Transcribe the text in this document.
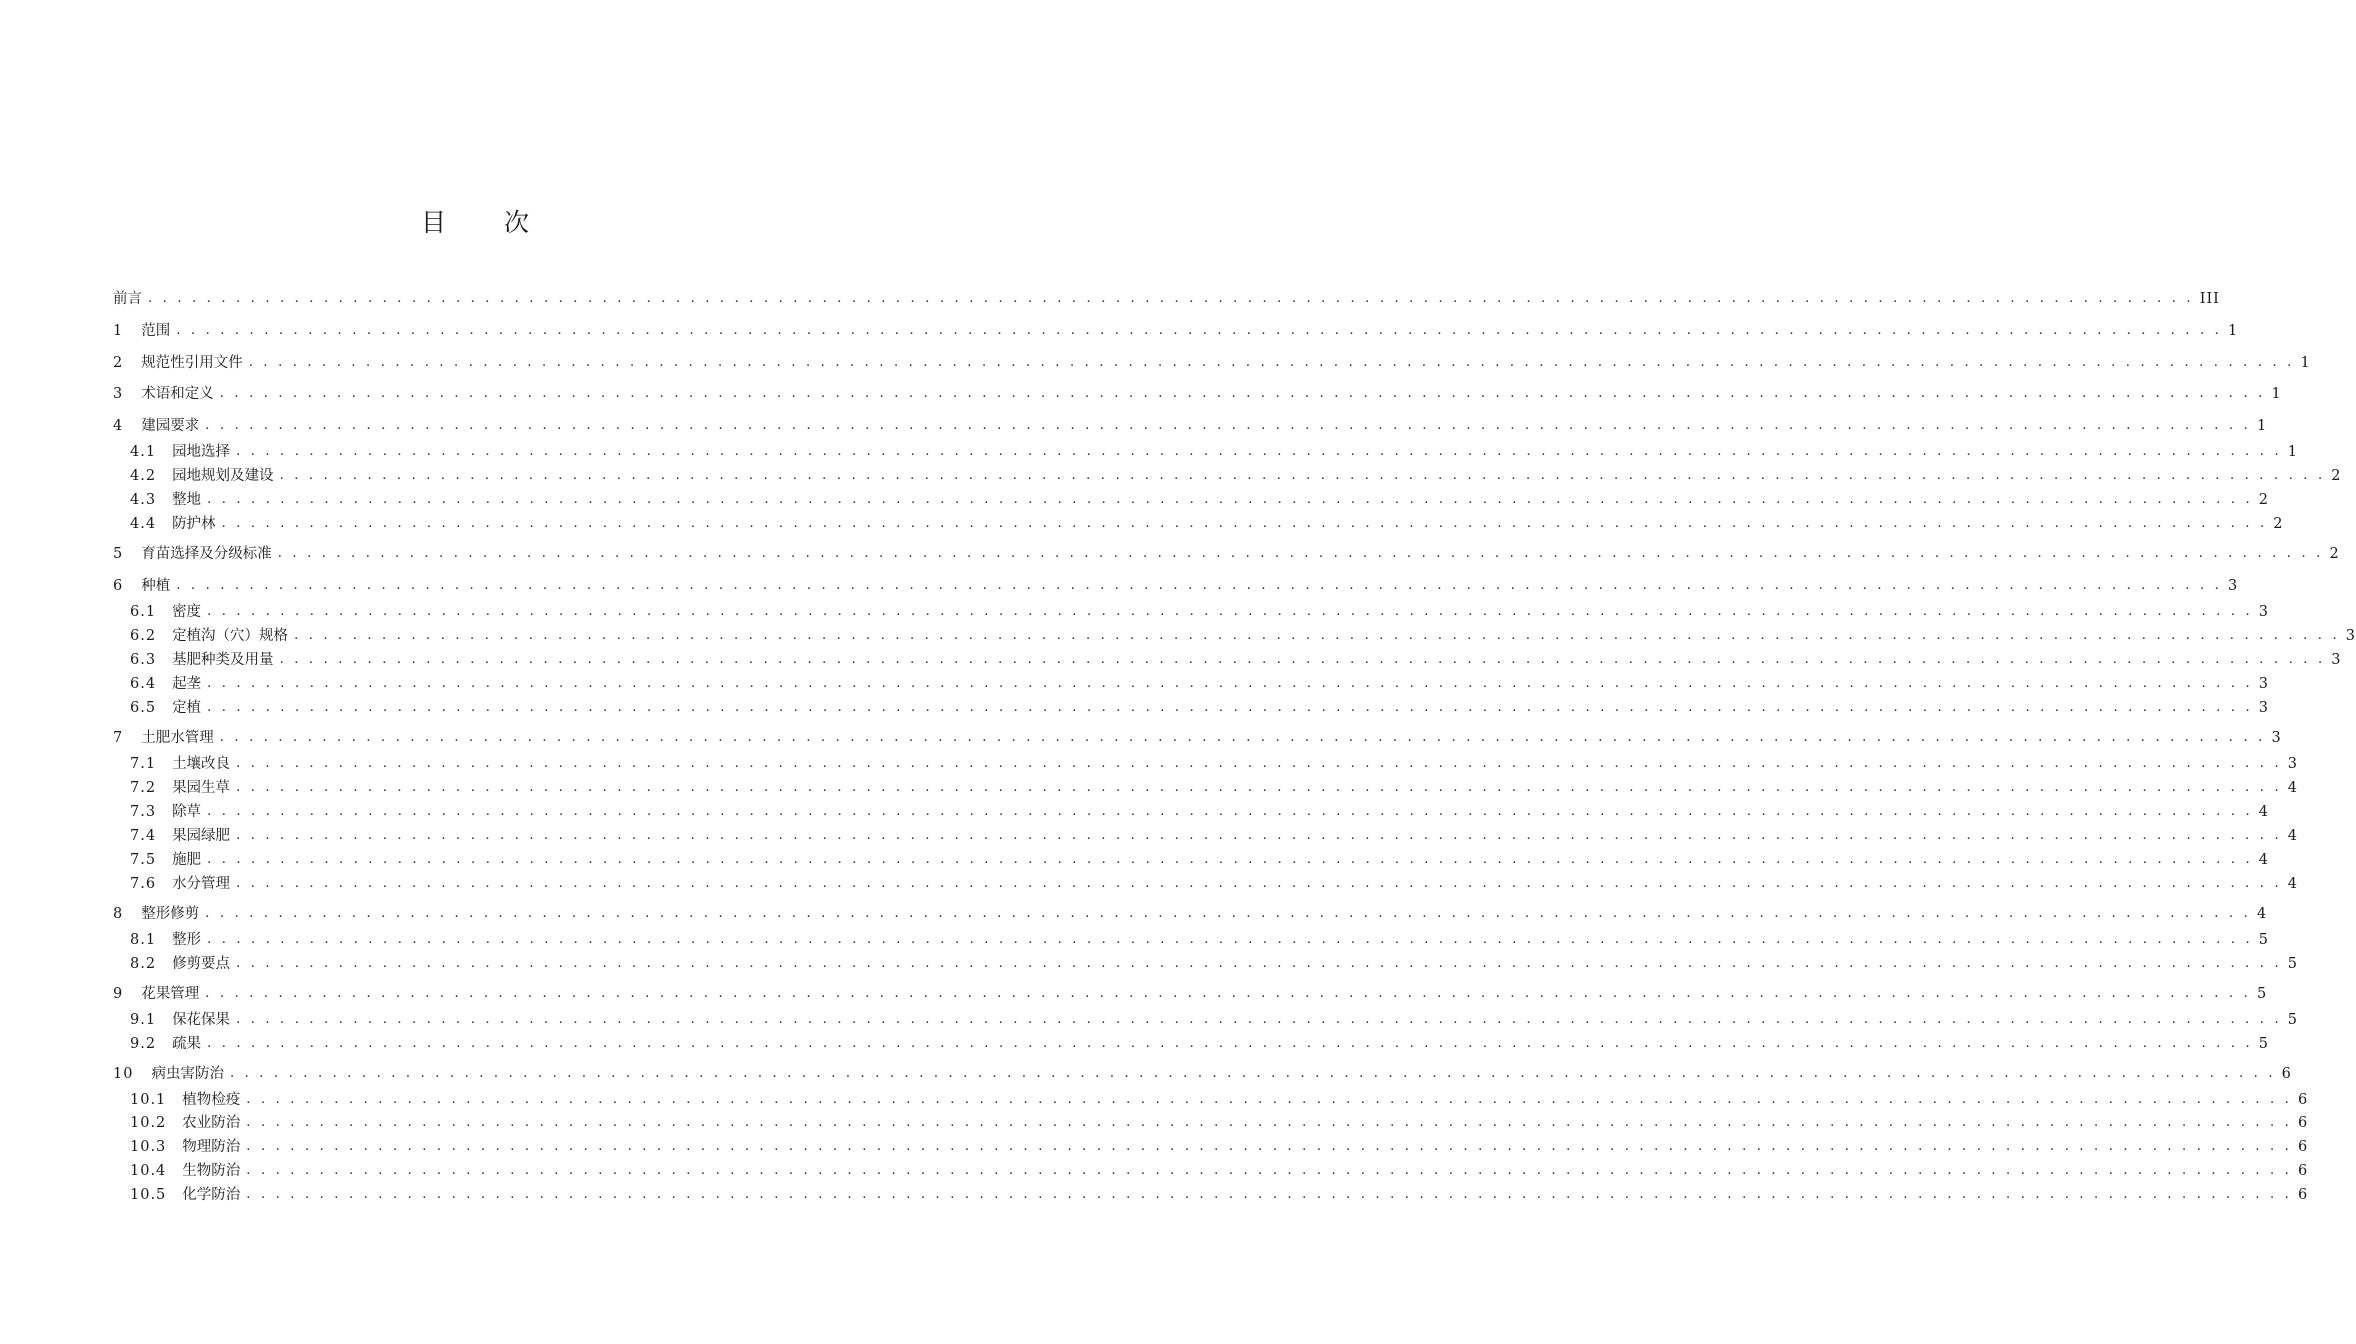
目 次
前言 . . . . . . . . . . . . . . . . . . . . . . . . . . . . . . . . . . . . . . . . . . . . . . . . . . . . . . . . . . . . . . . . . . . . . . . . . . . . . . . . . . . . . . . . . . . . . . . . . . . . . . . . . . . . . . . . . . . . . . . . . . . . . . . . . . . . . . . . . . . . III
1 范围 . . . . . . . . . . . . . . . . . . . . . . . . . . . . . . . . . . . . . . . . . . . . . . . . . . . . . . . . . . . . . . . . . . . . . . . . . . . . . . . . . . . . . . . . . . . . . . . . . . . . . . . . . . . . . . . . . . . . . . . . . . . . . . . . . . . . . . . . . . . . 1
2 规范性引用文件 . . . . . . . . . . . . . . . . . . . . . . . . . . . . . . . . . . . . . . . . . . . . . . . . . . . . . . . . . . . . . . . . . . . . . . . . . . . . . . . . . . . . . . . . . . . . . . . . . . . . . . . . . . . . . . . . . . . . . . . . . . . . . . . . . . . . . . . . . . . . 1
3 术语和定义 . . . . . . . . . . . . . . . . . . . . . . . . . . . . . . . . . . . . . . . . . . . . . . . . . . . . . . . . . . . . . . . . . . . . . . . . . . . . . . . . . . . . . . . . . . . . . . . . . . . . . . . . . . . . . . . . . . . . . . . . . . . . . . . . . . . . . . . . . . . . 1
4 建园要求 . . . . . . . . . . . . . . . . . . . . . . . . . . . . . . . . . . . . . . . . . . . . . . . . . . . . . . . . . . . . . . . . . . . . . . . . . . . . . . . . . . . . . . . . . . . . . . . . . . . . . . . . . . . . . . . . . . . . . . . . . . . . . . . . . . . . . . . . . . . . 1
4.1 园地选择 . . . . . . . . . . . . . . . . . . . . . . . . . . . . . . . . . . . . . . . . . . . . . . . . . . . . . . . . . . . . . . . . . . . . . . . . . . . . . . . . . . . . . . . . . . . . . . . . . . . . . . . . . . . . . . . . . . . . . . . . . . . . . . . . . . . . . . . . . . . . 1
4.2 园地规划及建设 . . . . . . . . . . . . . . . . . . . . . . . . . . . . . . . . . . . . . . . . . . . . . . . . . . . . . . . . . . . . . . . . . . . . . . . . . . . . . . . . . . . . . . . . . . . . . . . . . . . . . . . . . . . . . . . . . . . . . . . . . . . . . . . . . . . . . . . . . . . . 2
4.3 整地 . . . . . . . . . . . . . . . . . . . . . . . . . . . . . . . . . . . . . . . . . . . . . . . . . . . . . . . . . . . . . . . . . . . . . . . . . . . . . . . . . . . . . . . . . . . . . . . . . . . . . . . . . . . . . . . . . . . . . . . . . . . . . . . . . . . . . . . . . . . . 2
4.4 防护林 . . . . . . . . . . . . . . . . . . . . . . . . . . . . . . . . . . . . . . . . . . . . . . . . . . . . . . . . . . . . . . . . . . . . . . . . . . . . . . . . . . . . . . . . . . . . . . . . . . . . . . . . . . . . . . . . . . . . . . . . . . . . . . . . . . . . . . . . . . . . 2
5 育苗选择及分级标准 . . . . . . . . . . . . . . . . . . . . . . . . . . . . . . . . . . . . . . . . . . . . . . . . . . . . . . . . . . . . . . . . . . . . . . . . . . . . . . . . . . . . . . . . . . . . . . . . . . . . . . . . . . . . . . . . . . . . . . . . . . . . . . . . . . . . . . . . . . . . 2
6 种植 . . . . . . . . . . . . . . . . . . . . . . . . . . . . . . . . . . . . . . . . . . . . . . . . . . . . . . . . . . . . . . . . . . . . . . . . . . . . . . . . . . . . . . . . . . . . . . . . . . . . . . . . . . . . . . . . . . . . . . . . . . . . . . . . . . . . . . . . . . . . 3
6.1 密度 . . . . . . . . . . . . . . . . . . . . . . . . . . . . . . . . . . . . . . . . . . . . . . . . . . . . . . . . . . . . . . . . . . . . . . . . . . . . . . . . . . . . . . . . . . . . . . . . . . . . . . . . . . . . . . . . . . . . . . . . . . . . . . . . . . . . . . . . . . . . 3
6.2 定植沟（穴）规格 . . . . . . . . . . . . . . . . . . . . . . . . . . . . . . . . . . . . . . . . . . . . . . . . . . . . . . . . . . . . . . . . . . . . . . . . . . . . . . . . . . . . . . . . . . . . . . . . . . . . . . . . . . . . . . . . . . . . . . . . . . . . . . . . . . . . . . . . . . . . 3
6.3 基肥种类及用量 . . . . . . . . . . . . . . . . . . . . . . . . . . . . . . . . . . . . . . . . . . . . . . . . . . . . . . . . . . . . . . . . . . . . . . . . . . . . . . . . . . . . . . . . . . . . . . . . . . . . . . . . . . . . . . . . . . . . . . . . . . . . . . . . . . . . . . . . . . . . 3
6.4 起垄 . . . . . . . . . . . . . . . . . . . . . . . . . . . . . . . . . . . . . . . . . . . . . . . . . . . . . . . . . . . . . . . . . . . . . . . . . . . . . . . . . . . . . . . . . . . . . . . . . . . . . . . . . . . . . . . . . . . . . . . . . . . . . . . . . . . . . . . . . . . . 3
6.5 定植 . . . . . . . . . . . . . . . . . . . . . . . . . . . . . . . . . . . . . . . . . . . . . . . . . . . . . . . . . . . . . . . . . . . . . . . . . . . . . . . . . . . . . . . . . . . . . . . . . . . . . . . . . . . . . . . . . . . . . . . . . . . . . . . . . . . . . . . . . . . . 3
7 土肥水管理 . . . . . . . . . . . . . . . . . . . . . . . . . . . . . . . . . . . . . . . . . . . . . . . . . . . . . . . . . . . . . . . . . . . . . . . . . . . . . . . . . . . . . . . . . . . . . . . . . . . . . . . . . . . . . . . . . . . . . . . . . . . . . . . . . . . . . . . . . . . . 3
7.1 土壤改良 . . . . . . . . . . . . . . . . . . . . . . . . . . . . . . . . . . . . . . . . . . . . . . . . . . . . . . . . . . . . . . . . . . . . . . . . . . . . . . . . . . . . . . . . . . . . . . . . . . . . . . . . . . . . . . . . . . . . . . . . . . . . . . . . . . . . . . . . . . . . 3
7.2 果园生草 . . . . . . . . . . . . . . . . . . . . . . . . . . . . . . . . . . . . . . . . . . . . . . . . . . . . . . . . . . . . . . . . . . . . . . . . . . . . . . . . . . . . . . . . . . . . . . . . . . . . . . . . . . . . . . . . . . . . . . . . . . . . . . . . . . . . . . . . . . . . 4
7.3 除草 . . . . . . . . . . . . . . . . . . . . . . . . . . . . . . . . . . . . . . . . . . . . . . . . . . . . . . . . . . . . . . . . . . . . . . . . . . . . . . . . . . . . . . . . . . . . . . . . . . . . . . . . . . . . . . . . . . . . . . . . . . . . . . . . . . . . . . . . . . . . 4
7.4 果园绿肥 . . . . . . . . . . . . . . . . . . . . . . . . . . . . . . . . . . . . . . . . . . . . . . . . . . . . . . . . . . . . . . . . . . . . . . . . . . . . . . . . . . . . . . . . . . . . . . . . . . . . . . . . . . . . . . . . . . . . . . . . . . . . . . . . . . . . . . . . . . . . 4
7.5 施肥 . . . . . . . . . . . . . . . . . . . . . . . . . . . . . . . . . . . . . . . . . . . . . . . . . . . . . . . . . . . . . . . . . . . . . . . . . . . . . . . . . . . . . . . . . . . . . . . . . . . . . . . . . . . . . . . . . . . . . . . . . . . . . . . . . . . . . . . . . . . . 4
7.6 水分管理 . . . . . . . . . . . . . . . . . . . . . . . . . . . . . . . . . . . . . . . . . . . . . . . . . . . . . . . . . . . . . . . . . . . . . . . . . . . . . . . . . . . . . . . . . . . . . . . . . . . . . . . . . . . . . . . . . . . . . . . . . . . . . . . . . . . . . . . . . . . . 4
8 整形修剪 . . . . . . . . . . . . . . . . . . . . . . . . . . . . . . . . . . . . . . . . . . . . . . . . . . . . . . . . . . . . . . . . . . . . . . . . . . . . . . . . . . . . . . . . . . . . . . . . . . . . . . . . . . . . . . . . . . . . . . . . . . . . . . . . . . . . . . . . . . . . 4
8.1 整形 . . . . . . . . . . . . . . . . . . . . . . . . . . . . . . . . . . . . . . . . . . . . . . . . . . . . . . . . . . . . . . . . . . . . . . . . . . . . . . . . . . . . . . . . . . . . . . . . . . . . . . . . . . . . . . . . . . . . . . . . . . . . . . . . . . . . . . . . . . . . 5
8.2 修剪要点 . . . . . . . . . . . . . . . . . . . . . . . . . . . . . . . . . . . . . . . . . . . . . . . . . . . . . . . . . . . . . . . . . . . . . . . . . . . . . . . . . . . . . . . . . . . . . . . . . . . . . . . . . . . . . . . . . . . . . . . . . . . . . . . . . . . . . . . . . . . . 5
9 花果管理 . . . . . . . . . . . . . . . . . . . . . . . . . . . . . . . . . . . . . . . . . . . . . . . . . . . . . . . . . . . . . . . . . . . . . . . . . . . . . . . . . . . . . . . . . . . . . . . . . . . . . . . . . . . . . . . . . . . . . . . . . . . . . . . . . . . . . . . . . . . . 5
9.1 保花保果 . . . . . . . . . . . . . . . . . . . . . . . . . . . . . . . . . . . . . . . . . . . . . . . . . . . . . . . . . . . . . . . . . . . . . . . . . . . . . . . . . . . . . . . . . . . . . . . . . . . . . . . . . . . . . . . . . . . . . . . . . . . . . . . . . . . . . . . . . . . . 5
9.2 疏果 . . . . . . . . . . . . . . . . . . . . . . . . . . . . . . . . . . . . . . . . . . . . . . . . . . . . . . . . . . . . . . . . . . . . . . . . . . . . . . . . . . . . . . . . . . . . . . . . . . . . . . . . . . . . . . . . . . . . . . . . . . . . . . . . . . . . . . . . . . . . 5
10 病虫害防治 . . . . . . . . . . . . . . . . . . . . . . . . . . . . . . . . . . . . . . . . . . . . . . . . . . . . . . . . . . . . . . . . . . . . . . . . . . . . . . . . . . . . . . . . . . . . . . . . . . . . . . . . . . . . . . . . . . . . . . . . . . . . . . . . . . . . . . . . . . . . 6
10.1 植物检疫 . . . . . . . . . . . . . . . . . . . . . . . . . . . . . . . . . . . . . . . . . . . . . . . . . . . . . . . . . . . . . . . . . . . . . . . . . . . . . . . . . . . . . . . . . . . . . . . . . . . . . . . . . . . . . . . . . . . . . . . . . . . . . . . . . . . . . . . . . . . . 6
10.2 农业防治 . . . . . . . . . . . . . . . . . . . . . . . . . . . . . . . . . . . . . . . . . . . . . . . . . . . . . . . . . . . . . . . . . . . . . . . . . . . . . . . . . . . . . . . . . . . . . . . . . . . . . . . . . . . . . . . . . . . . . . . . . . . . . . . . . . . . . . . . . . . . 6
10.3 物理防治 . . . . . . . . . . . . . . . . . . . . . . . . . . . . . . . . . . . . . . . . . . . . . . . . . . . . . . . . . . . . . . . . . . . . . . . . . . . . . . . . . . . . . . . . . . . . . . . . . . . . . . . . . . . . . . . . . . . . . . . . . . . . . . . . . . . . . . . . . . . . 6
10.4 生物防治 . . . . . . . . . . . . . . . . . . . . . . . . . . . . . . . . . . . . . . . . . . . . . . . . . . . . . . . . . . . . . . . . . . . . . . . . . . . . . . . . . . . . . . . . . . . . . . . . . . . . . . . . . . . . . . . . . . . . . . . . . . . . . . . . . . . . . . . . . . . . 6
10.5 化学防治 . . . . . . . . . . . . . . . . . . . . . . . . . . . . . . . . . . . . . . . . . . . . . . . . . . . . . . . . . . . . . . . . . . . . . . . . . . . . . . . . . . . . . . . . . . . . . . . . . . . . . . . . . . . . . . . . . . . . . . . . . . . . . . . . . . . . . . . . . . . . 6
